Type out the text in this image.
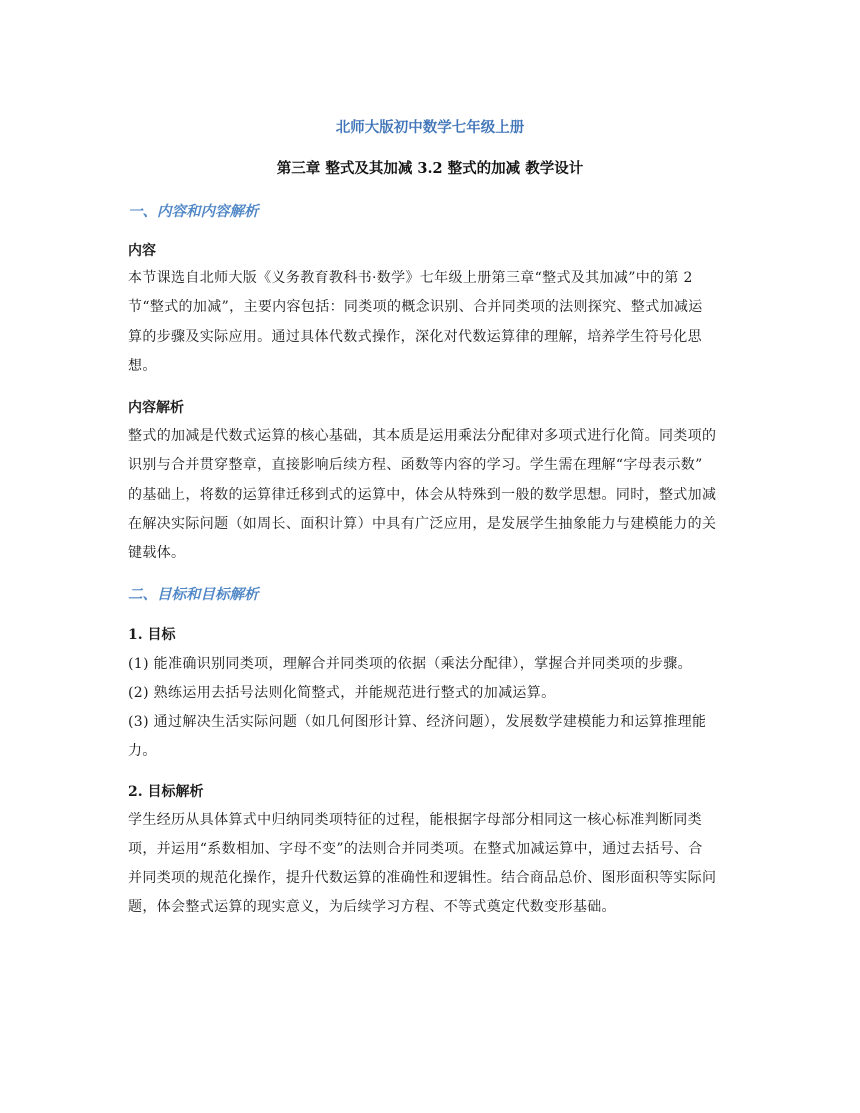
北师大版初中数学七年级上册

第三章 整式及其加减 3.2 整式的加减 教学设计

一、内容和内容解析

内容

本节课选自北师大版《义务教育教科书·数学》七年级上册第三章“整式及其加减”中的第 2

节“整式的加减”，主要内容包括：同类项的概念识别、合并同类项的法则探究、整式加减运

算的步骤及实际应用。通过具体代数式操作，深化对代数运算律的理解，培养学生符号化思

想。

内容解析

整式的加减是代数式运算的核心基础，其本质是运用乘法分配律对多项式进行化简。同类项的

识别与合并贯穿整章，直接影响后续方程、函数等内容的学习。学生需在理解“字母表示数”

的基础上，将数的运算律迁移到式的运算中，体会从特殊到一般的数学思想。同时，整式加减

在解决实际问题（如周长、面积计算）中具有广泛应用，是发展学生抽象能力与建模能力的关

键载体。

二、目标和目标解析

1. 目标

(1) 能准确识别同类项，理解合并同类项的依据（乘法分配律），掌握合并同类项的步骤。

(2) 熟练运用去括号法则化简整式，并能规范进行整式的加减运算。

(3) 通过解决生活实际问题（如几何图形计算、经济问题），发展数学建模能力和运算推理能

力。

2. 目标解析

学生经历从具体算式中归纳同类项特征的过程，能根据字母部分相同这一核心标准判断同类

项，并运用“系数相加、字母不变”的法则合并同类项。在整式加减运算中，通过去括号、合

并同类项的规范化操作，提升代数运算的准确性和逻辑性。结合商品总价、图形面积等实际问

题，体会整式运算的现实意义，为后续学习方程、不等式奠定代数变形基础。
